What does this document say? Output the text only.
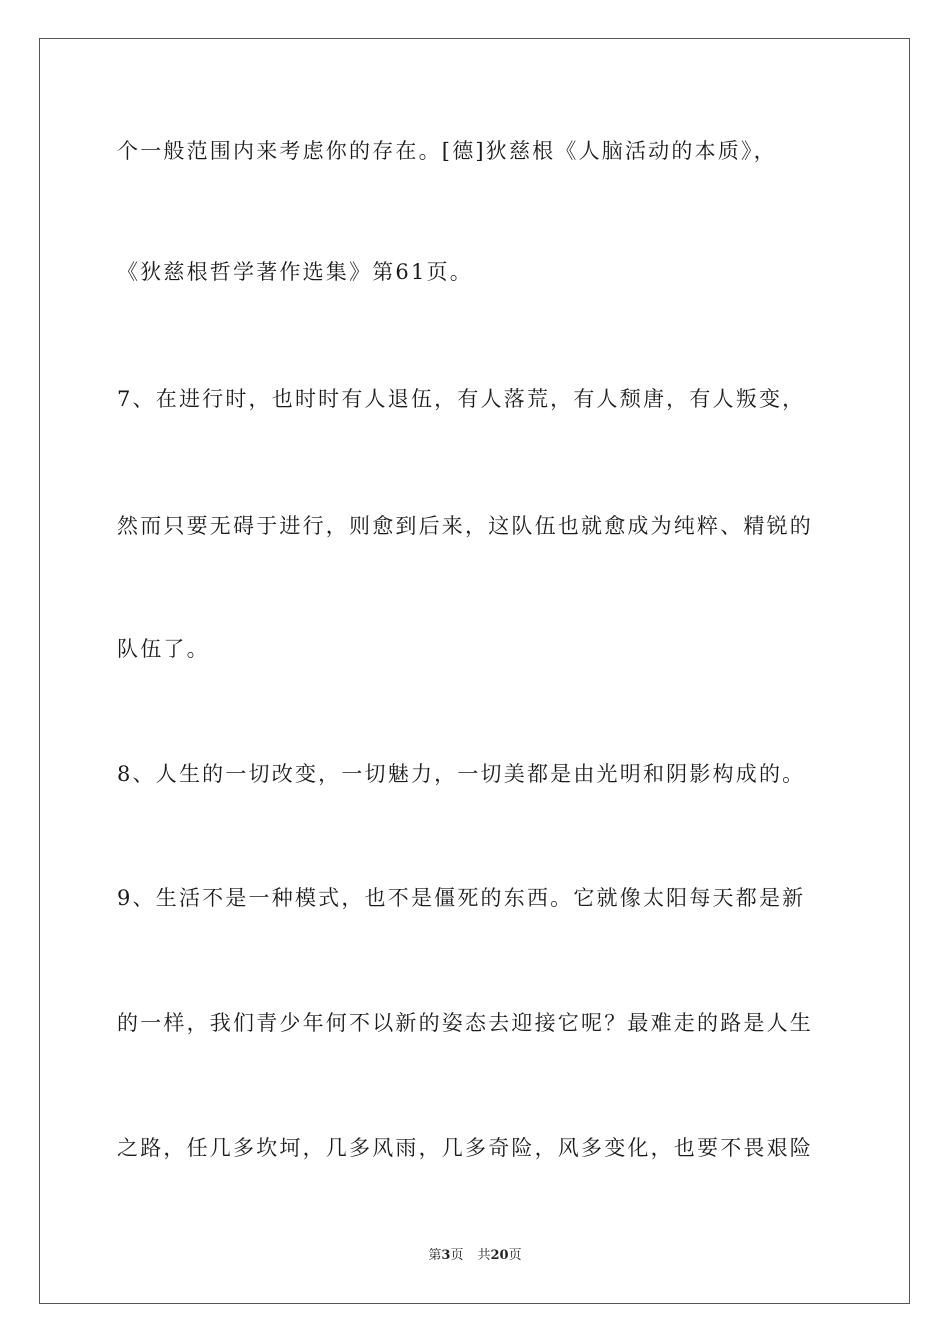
个一般范围内来考虑你的存在。[德]狄慈根《人脑活动的本质》，
《狄慈根哲学著作选集》第61页。
7、在进行时，也时时有人退伍，有人落荒，有人颓唐，有人叛变，
然而只要无碍于进行，则愈到后来，这队伍也就愈成为纯粹、精锐的
队伍了。
8、人生的一切改变，一切魅力，一切美都是由光明和阴影构成的。
9、生活不是一种模式，也不是僵死的东西。它就像太阳每天都是新
的一样，我们青少年何不以新的姿态去迎接它呢？最难走的路是人生
之路，任几多坎坷，几多风雨，几多奇险，风多变化，也要不畏艰险
第3页 共20页
